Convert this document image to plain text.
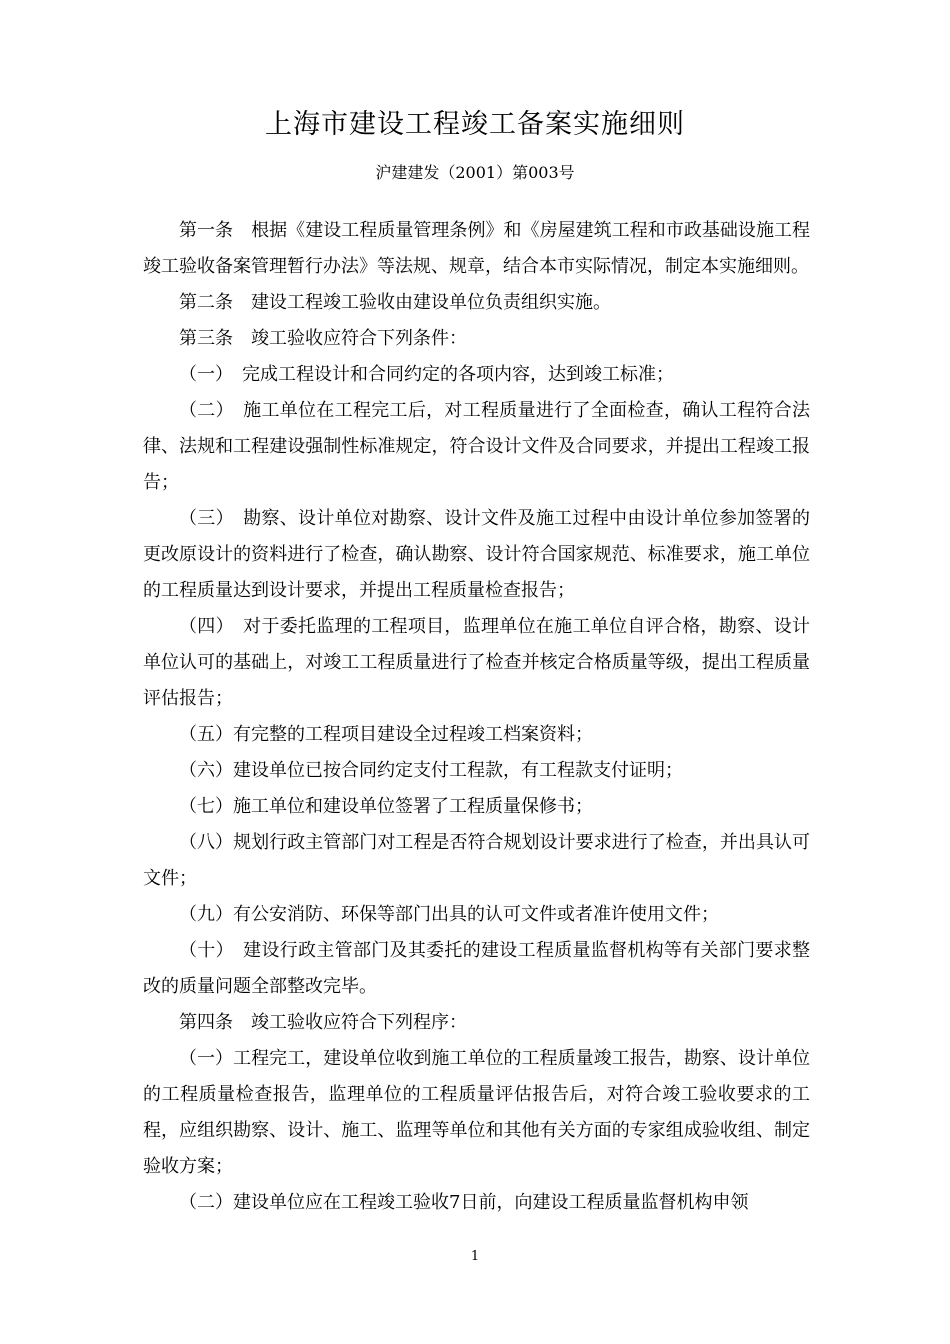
上海市建设工程竣工备案实施细则
沪建建发（2001）第003号

第一条　根据《建设工程质量管理条例》和《房屋建筑工程和市政基础设施工程竣工验收备案管理暂行办法》等法规、规章，结合本市实际情况，制定本实施细则。

第二条　建设工程竣工验收由建设单位负责组织实施。

第三条　竣工验收应符合下列条件：

（一）　完成工程设计和合同约定的各项内容，达到竣工标准；

（二）　施工单位在工程完工后，对工程质量进行了全面检查，确认工程符合法律、法规和工程建设强制性标准规定，符合设计文件及合同要求，并提出工程竣工报告；

（三）　勘察、设计单位对勘察、设计文件及施工过程中由设计单位参加签署的更改原设计的资料进行了检查，确认勘察、设计符合国家规范、标准要求，施工单位的工程质量达到设计要求，并提出工程质量检查报告；

（四）　对于委托监理的工程项目，监理单位在施工单位自评合格，勘察、设计单位认可的基础上，对竣工工程质量进行了检查并核定合格质量等级，提出工程质量评估报告；

（五）有完整的工程项目建设全过程竣工档案资料；

（六）建设单位已按合同约定支付工程款，有工程款支付证明；

（七）施工单位和建设单位签署了工程质量保修书；

（八）规划行政主管部门对工程是否符合规划设计要求进行了检查，并出具认可文件；

（九）有公安消防、环保等部门出具的认可文件或者准许使用文件；

（十）　建设行政主管部门及其委托的建设工程质量监督机构等有关部门要求整改的质量问题全部整改完毕。

第四条　竣工验收应符合下列程序：

（一）工程完工，建设单位收到施工单位的工程质量竣工报告，勘察、设计单位的工程质量检查报告，监理单位的工程质量评估报告后，对符合竣工验收要求的工程，应组织勘察、设计、施工、监理等单位和其他有关方面的专家组成验收组、制定验收方案；

（二）建设单位应在工程竣工验收7日前，向建设工程质量监督机构申领

1
